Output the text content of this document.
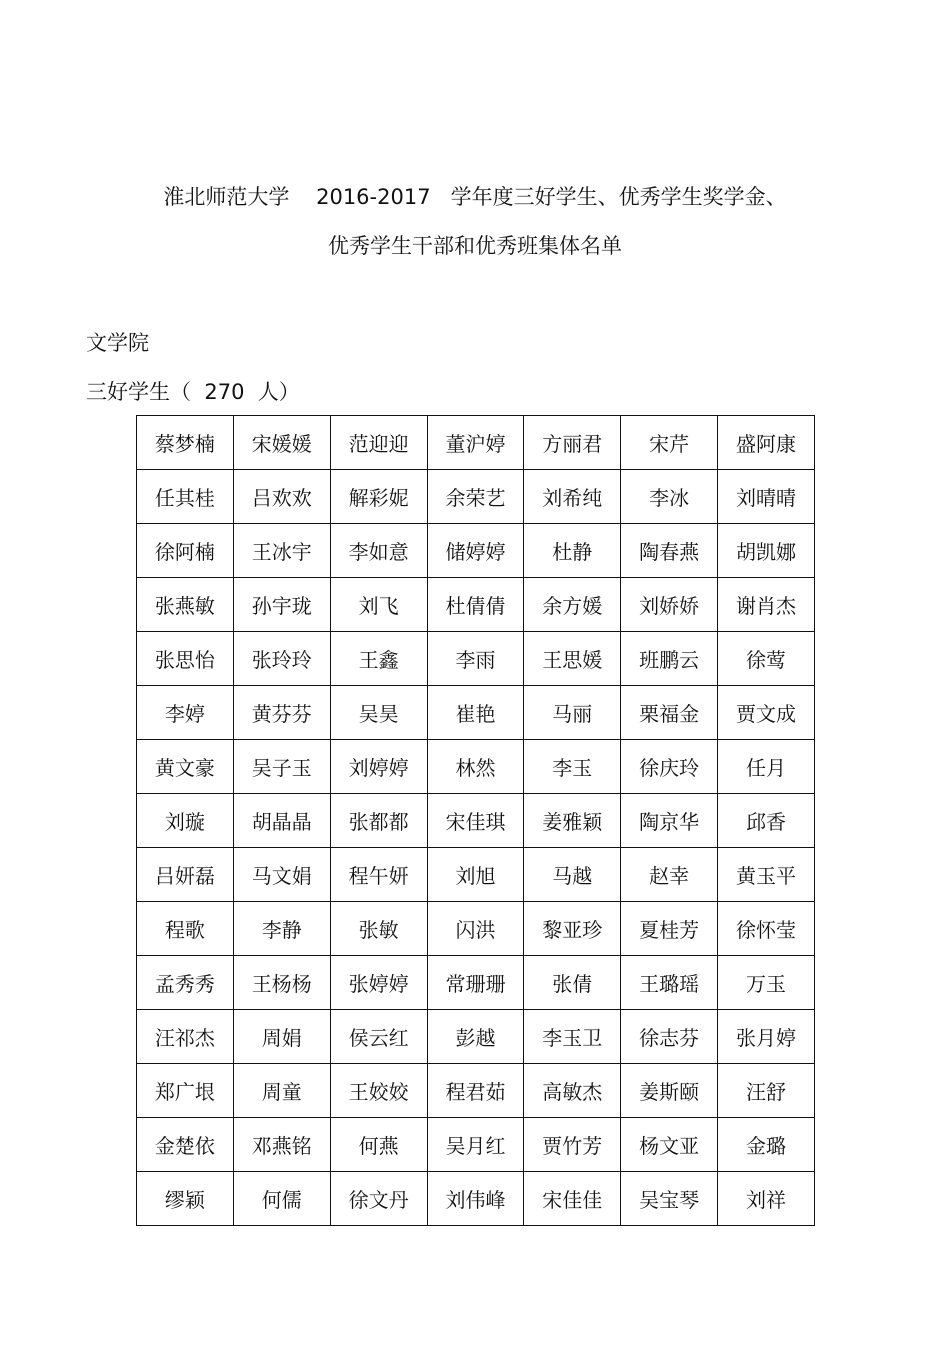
淮北师范大学    2016-2017   学年度三好学生、优秀学生奖学金、
优秀学生干部和优秀班集体名单
文学院
三好学生（  270  人）
蔡梦楠	宋媛媛	范迎迎	董沪婷	方丽君	宋芹	盛阿康
任其桂	吕欢欢	解彩妮	余荣艺	刘希纯	李冰	刘晴晴
徐阿楠	王冰宇	李如意	储婷婷	杜静	陶春燕	胡凯娜
张燕敏	孙宇珑	刘飞	杜倩倩	余方媛	刘娇娇	谢肖杰
张思怡	张玲玲	王鑫	李雨	王思媛	班鹏云	徐莺
李婷	黄芬芬	吴昊	崔艳	马丽	栗福金	贾文成
黄文豪	吴子玉	刘婷婷	林然	李玉	徐庆玲	任月
刘璇	胡晶晶	张都都	宋佳琪	姜雅颖	陶京华	邱香
吕妍磊	马文娟	程午妍	刘旭	马越	赵幸	黄玉平
程歌	李静	张敏	闪洪	黎亚珍	夏桂芳	徐怀莹
孟秀秀	王杨杨	张婷婷	常珊珊	张倩	王璐瑶	万玉
汪祁杰	周娟	侯云红	彭越	李玉卫	徐志芬	张月婷
郑广垠	周童	王姣姣	程君茹	高敏杰	姜斯颐	汪舒
金楚依	邓燕铭	何燕	吴月红	贾竹芳	杨文亚	金璐
缪颖	何儒	徐文丹	刘伟峰	宋佳佳	吴宝琴	刘祥
